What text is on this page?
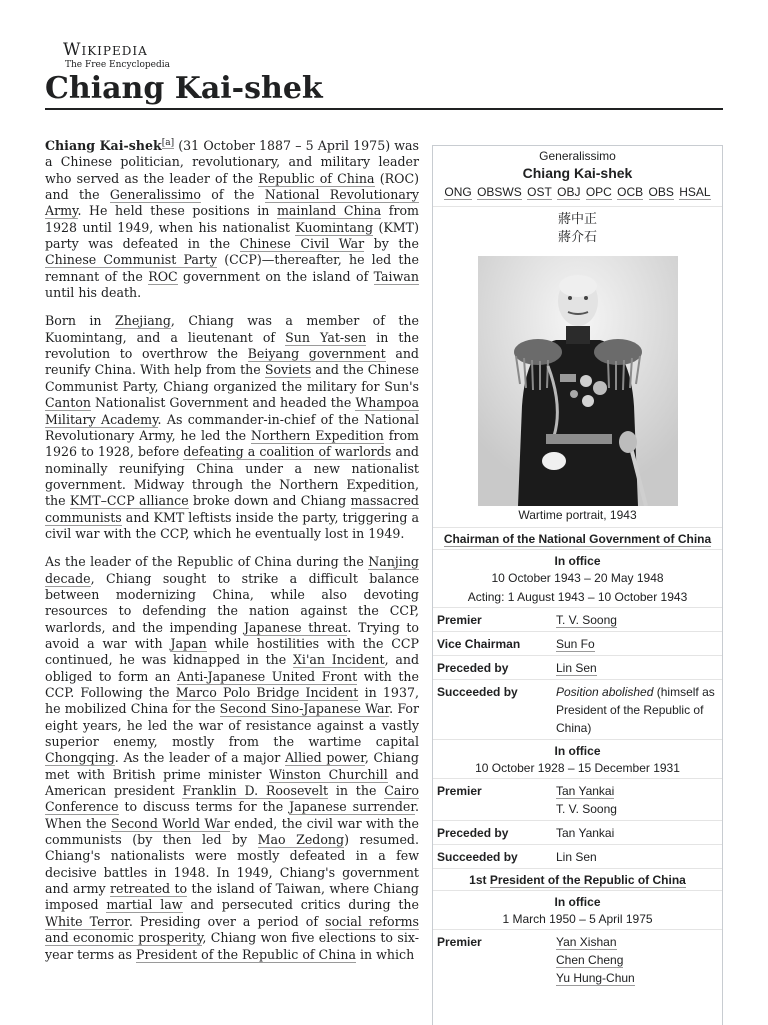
Wikipedia
The Free Encyclopedia
Chiang Kai-shek

Chiang Kai-shek[a] (31 October 1887 – 5 April 1975) was a Chinese politician, revolutionary, and military leader who served as the leader of the Republic of China (ROC) and the Generalissimo of the National Revolutionary Army. He held these positions in mainland China from 1928 until 1949, when his nationalist Kuomintang (KMT) party was defeated in the Chinese Civil War by the Chinese Communist Party (CCP)—thereafter, he led the remnant of the ROC government on the island of Taiwan until his death.

Born in Zhejiang, Chiang was a member of the Kuomintang, and a lieutenant of Sun Yat-sen in the revolution to overthrow the Beiyang government and reunify China. With help from the Soviets and the Chinese Communist Party, Chiang organized the military for Sun's Canton Nationalist Government and headed the Whampoa Military Academy. As commander-in-chief of the National Revolutionary Army, he led the Northern Expedition from 1926 to 1928, before defeating a coalition of warlords and nominally reunifying China under a new nationalist government. Midway through the Northern Expedition, the KMT–CCP alliance broke down and Chiang massacred communists and KMT leftists inside the party, triggering a civil war with the CCP, which he eventually lost in 1949.

As the leader of the Republic of China during the Nanjing decade, Chiang sought to strike a difficult balance between modernizing China, while also devoting resources to defending the nation against the CCP, warlords, and the impending Japanese threat. Trying to avoid a war with Japan while hostilities with the CCP continued, he was kidnapped in the Xi'an Incident, and obliged to form an Anti-Japanese United Front with the CCP. Following the Marco Polo Bridge Incident in 1937, he mobilized China for the Second Sino-Japanese War. For eight years, he led the war of resistance against a vastly superior enemy, mostly from the wartime capital Chongqing. As the leader of a major Allied power, Chiang met with British prime minister Winston Churchill and American president Franklin D. Roosevelt in the Cairo Conference to discuss terms for the Japanese surrender. When the Second World War ended, the civil war with the communists (by then led by Mao Zedong) resumed. Chiang's nationalists were mostly defeated in a few decisive battles in 1948. In 1949, Chiang's government and army retreated to the island of Taiwan, where Chiang imposed martial law and persecuted critics during the White Terror. Presiding over a period of social reforms and economic prosperity, Chiang won five elections to six-year terms as President of the Republic of China in which

Generalissimo
Chiang Kai-shek
ONG OBSWS OST OBJ OPC OCB OBS HSAL
蔣中正
蔣介石
Wartime portrait, 1943
Chairman of the National Government of China
In office
10 October 1943 – 20 May 1948
Acting: 1 August 1943 – 10 October 1943
Premier	T. V. Soong
Vice Chairman	Sun Fo
Preceded by	Lin Sen
Succeeded by	Position abolished (himself as President of the Republic of China)
In office
10 October 1928 – 15 December 1931
Premier	Tan Yankai
T. V. Soong
Preceded by	Tan Yankai
Succeeded by	Lin Sen
1st President of the Republic of China
In office
1 March 1950 – 5 April 1975
Premier	Yan Xishan
Chen Cheng
Yu Hung-Chun
